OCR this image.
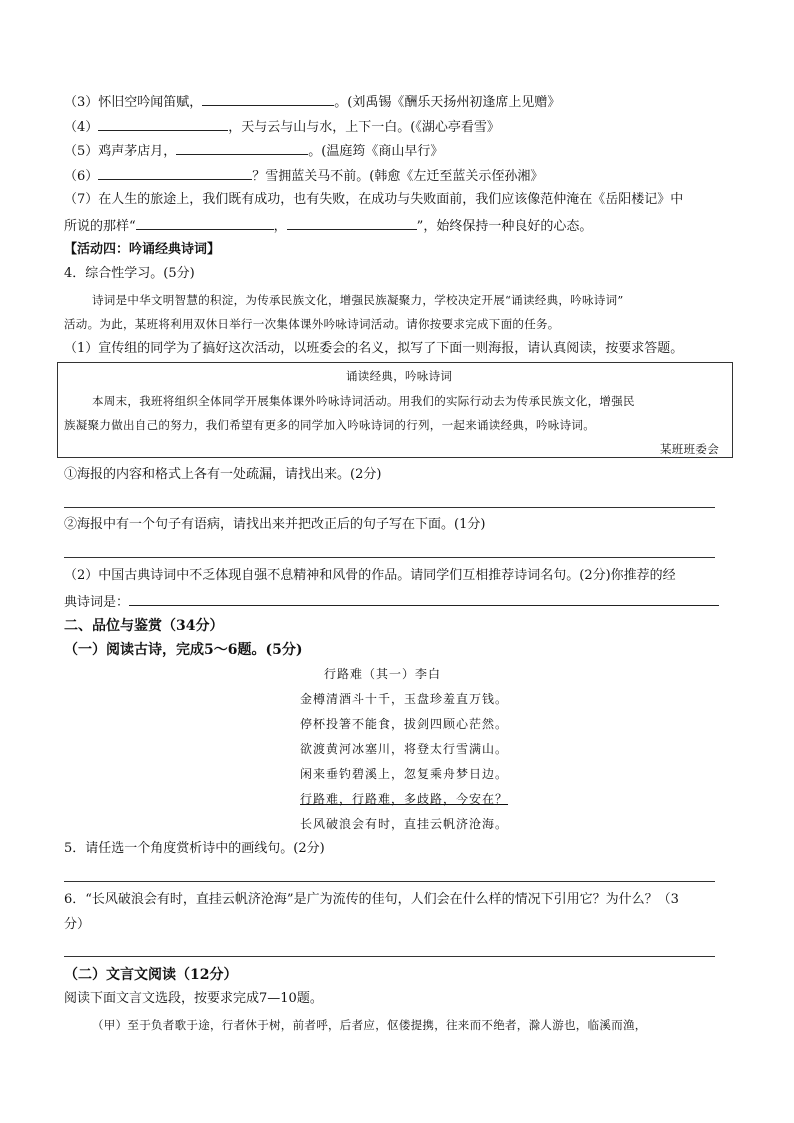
（3）怀旧空吟闻笛赋，	。(刘禹锡《酬乐天扬州初逢席上见赠》
（4）	，天与云与山与水，上下一白。(《湖心亭看雪》
（5）鸡声茅店月，	。(温庭筠《商山早行》
（6）	？雪拥蓝关马不前。(韩愈《左迁至蓝关示侄孙湘》
（7）在人生的旅途上，我们既有成功，也有失败，在成功与失败面前，我们应该像范仲淹在《岳阳楼记》中
所说的那样“	，	”，始终保持一种良好的心态。
【活动四：吟诵经典诗词】
4．综合性学习。(5分)
诗词是中华文明智慧的积淀，为传承民族文化，增强民族凝聚力，学校决定开展“诵读经典，吟咏诗词”
活动。为此，某班将利用双休日举行一次集体课外吟咏诗词活动。请你按要求完成下面的任务。
（1）宣传组的同学为了搞好这次活动，以班委会的名义，拟写了下面一则海报，请认真阅读，按要求答题。
诵读经典，吟咏诗词
本周末，我班将组织全体同学开展集体课外吟咏诗词活动。用我们的实际行动去为传承民族文化，增强民
族凝聚力做出自己的努力，我们希望有更多的同学加入吟咏诗词的行列，一起来诵读经典，吟咏诗词。
某班班委会
①海报的内容和格式上各有一处疏漏，请找出来。(2分)
②海报中有一个句子有语病，请找出来并把改正后的句子写在下面。(1分)
（2）中国古典诗词中不乏体现自强不息精神和风骨的作品。请同学们互相推荐诗词名句。(2分)你推荐的经
典诗词是：
二、品位与鉴赏（34分）
（一）阅读古诗，完成5～6题。(5分)
行路难（其一）李白
金樽清酒斗十千，玉盘珍羞直万钱。
停杯投箸不能食，拔剑四顾心茫然。
欲渡黄河冰塞川，将登太行雪满山。
闲来垂钓碧溪上，忽复乘舟梦日边。
行路难，行路难，多歧路，今安在？
长风破浪会有时，直挂云帆济沧海。
5．请任选一个角度赏析诗中的画线句。(2分)
6．“长风破浪会有时，直挂云帆济沧海”是广为流传的佳句，人们会在什么样的情况下引用它？为什么？（3
分）
（二）文言文阅读（12分）
阅读下面文言文选段，按要求完成7—10题。
（甲）至于负者歌于途，行者休于树，前者呼，后者应，伛偻提携，往来而不绝者，滁人游也，临溪而渔，
